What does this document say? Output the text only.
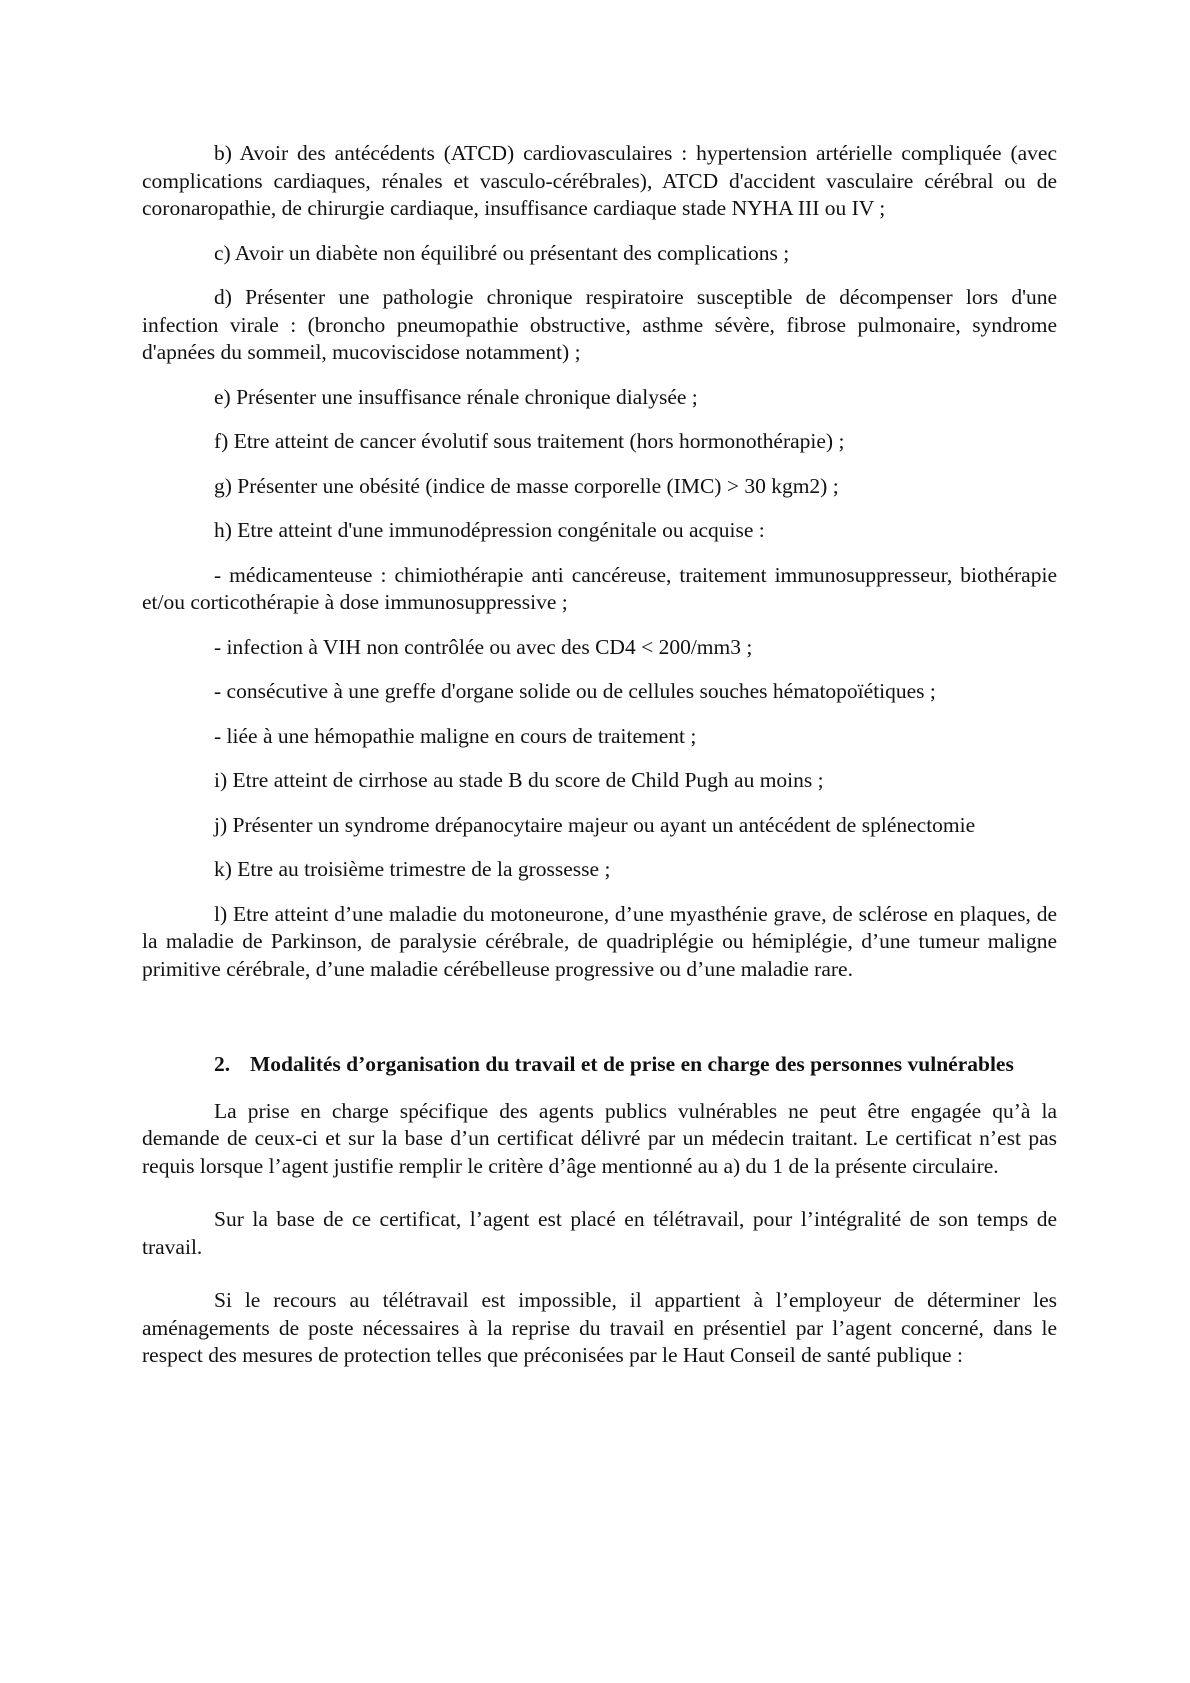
b) Avoir des antécédents (ATCD) cardiovasculaires : hypertension artérielle compliquée (avec complications cardiaques, rénales et vasculo-cérébrales), ATCD d'accident vasculaire cérébral ou de coronaropathie, de chirurgie cardiaque, insuffisance cardiaque stade NYHA III ou IV ;

c) Avoir un diabète non équilibré ou présentant des complications ;

d) Présenter une pathologie chronique respiratoire susceptible de décompenser lors d'une infection virale : (broncho pneumopathie obstructive, asthme sévère, fibrose pulmonaire, syndrome d'apnées du sommeil, mucoviscidose notamment) ;

e) Présenter une insuffisance rénale chronique dialysée ;

f) Etre atteint de cancer évolutif sous traitement (hors hormonothérapie) ;

g) Présenter une obésité (indice de masse corporelle (IMC) > 30 kgm2) ;

h) Etre atteint d'une immunodépression congénitale ou acquise :

- médicamenteuse : chimiothérapie anti cancéreuse, traitement immunosuppresseur, biothérapie et/ou corticothérapie à dose immunosuppressive ;

- infection à VIH non contrôlée ou avec des CD4 < 200/mm3 ;

- consécutive à une greffe d'organe solide ou de cellules souches hématopoïétiques ;

- liée à une hémopathie maligne en cours de traitement ;

i) Etre atteint de cirrhose au stade B du score de Child Pugh au moins ;

j) Présenter un syndrome drépanocytaire majeur ou ayant un antécédent de splénectomie

k) Etre au troisième trimestre de la grossesse ;

l) Etre atteint d’une maladie du motoneurone, d’une myasthénie grave, de sclérose en plaques, de la maladie de Parkinson, de paralysie cérébrale, de quadriplégie ou hémiplégie, d’une tumeur maligne primitive cérébrale, d’une maladie cérébelleuse progressive ou d’une maladie rare.

2. Modalités d’organisation du travail et de prise en charge des personnes vulnérables

La prise en charge spécifique des agents publics vulnérables ne peut être engagée qu’à la demande de ceux-ci et sur la base d’un certificat délivré par un médecin traitant. Le certificat n’est pas requis lorsque l’agent justifie remplir le critère d’âge mentionné au a) du 1 de la présente circulaire.

Sur la base de ce certificat, l’agent est placé en télétravail, pour l’intégralité de son temps de travail.

Si le recours au télétravail est impossible, il appartient à l’employeur de déterminer les aménagements de poste nécessaires à la reprise du travail en présentiel par l’agent concerné, dans le respect des mesures de protection telles que préconisées par le Haut Conseil de santé publique :
